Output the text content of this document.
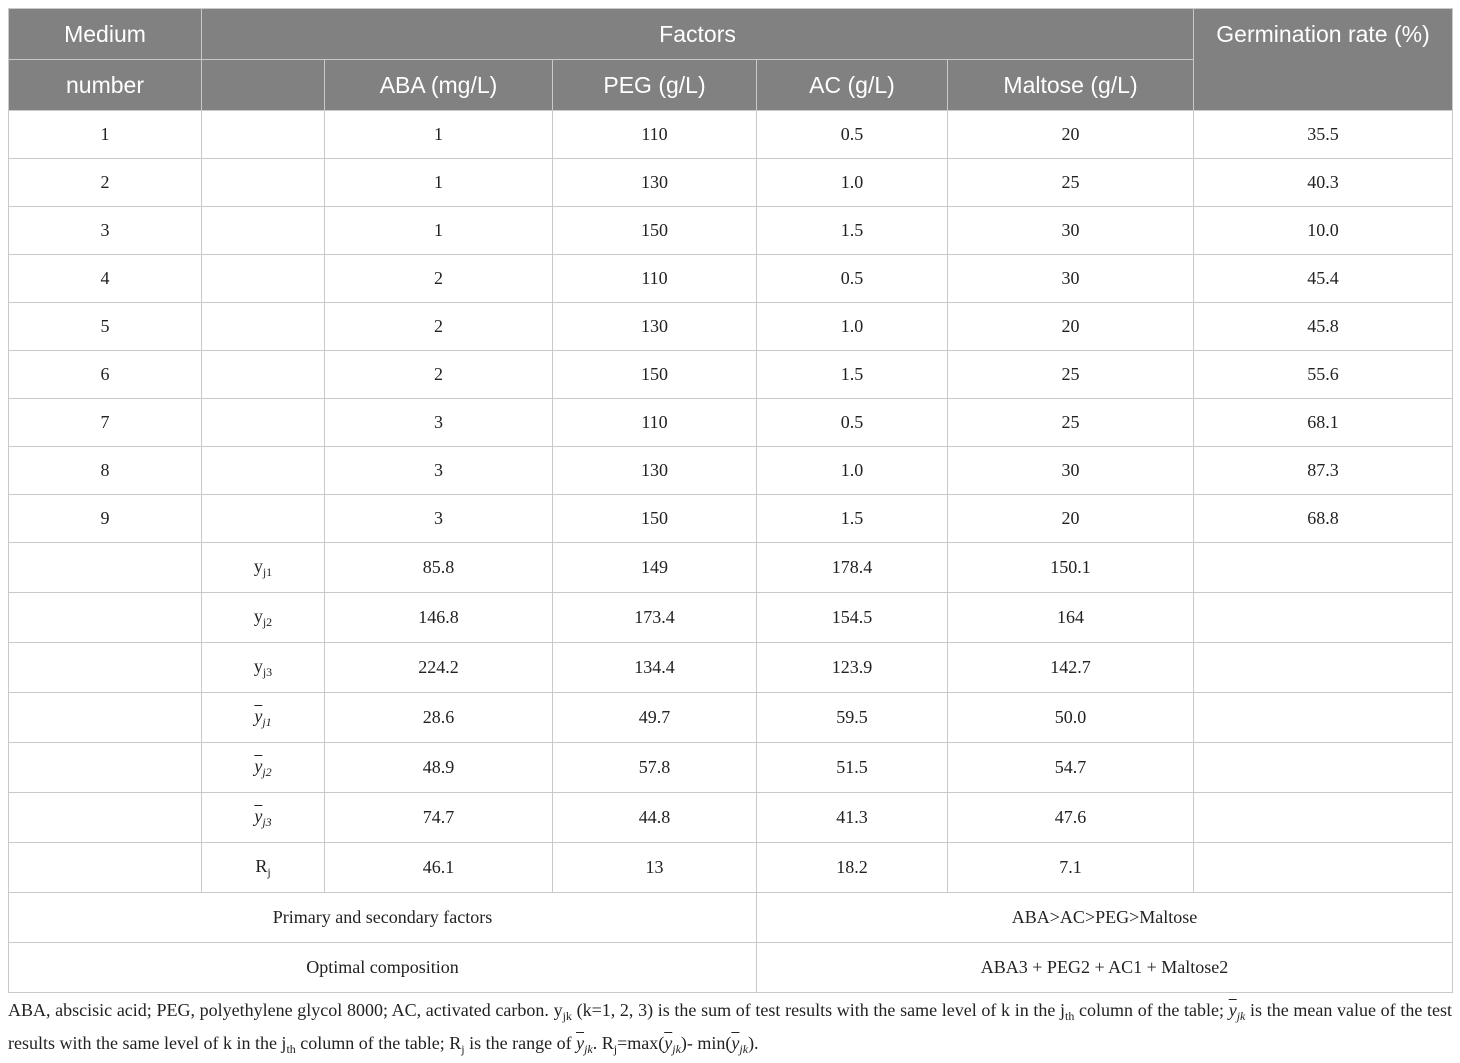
Medium	Factors					Germination rate (%)
number		ABA (mg/L)	PEG (g/L)	AC (g/L)	Maltose (g/L)	
1		1	110	0.5	20	35.5
2		1	130	1.0	25	40.3
3		1	150	1.5	30	10.0
4		2	110	0.5	30	45.4
5		2	130	1.0	20	45.8
6		2	150	1.5	25	55.6
7		3	110	0.5	25	68.1
8		3	130	1.0	30	87.3
9		3	150	1.5	20	68.8
	$y_{j1}$	85.8	149	178.4	150.1	
	$y_{j2}$	146.8	173.4	154.5	164	
	$y_{j3}$	224.2	134.4	123.9	142.7	
	$\overline{y}_{j1}$	28.6	49.7	59.5	50.0	
	$\overline{y}_{j2}$	48.9	57.8	51.5	54.7	
	$\overline{y}_{j3}$	74.7	44.8	41.3	47.6	
	$R_j$	46.1	13	18.2	7.1	
Primary and secondary factors				ABA>AC>PEG>Maltose		
Optimal composition				ABA3 + PEG2 + AC1 + Maltose2		
ABA, abscisic acid; PEG, polyethylene glycol 8000; AC, activated carbon. $y_{jk}$ (k=1, 2, 3) is the sum of test results with the same level of k in the $j_{th}$ column of the table; $\overline{y}_{jk}$ is the mean value of the test results with the same level of k in the $j_{th}$ column of the table; $R_j$ is the range of $\overline{y}_{jk}$. $R_j=\max(\overline{y}_{jk})-$ $\min(\overline{y}_{jk})$.
